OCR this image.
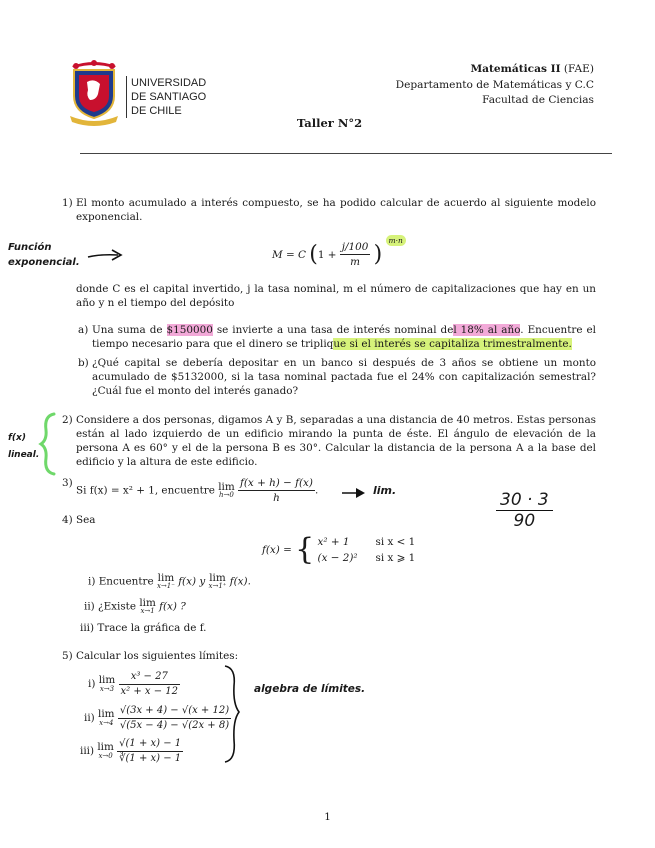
UNIVERSIDAD
DE SANTIAGO
DE CHILE
Matemáticas II (FAE)
Departamento de Matemáticas y C.C
Facultad de Ciencias
Taller N°2
1) El monto acumulado a interés compuesto, se ha podido calcular de acuerdo al siguiente modelo exponencial.
M = C ($1 + \frac{j/100}{m}$ ) $^{m\cdot n}$
donde C es el capital invertido, j la tasa nominal, m el número de capitalizaciones que hay en un año y n el tiempo del depósito
a) Una suma de $150000 se invierte a una tasa de interés nominal del 18% al año. Encuentre el tiempo necesario para que el dinero se triplique si el interés se capitaliza trimestralmente.
b) ¿Qué capital se debería depositar en un banco si después de 3 años se obtiene un monto acumulado de $5132000, si la tasa nominal pactada fue el 24% con capitalización semestral?¿Cuál fue el monto del interés ganado?
2) Considere a dos personas, digamos A y B, separadas a una distancia de 40 metros. Estas personas están al lado izquierdo de un edificio mirando la punta de éste. El ángulo de elevación de la persona A es 60° y el de la persona B es 30°. Calcular la distancia de la persona A a la base del edificio y la altura de este edificio.
3)
Si f(x) = x² + 1, encuentre lim
h→0
$\frac{f(x + h) - f(x)}{h}$ .
4) Sea
f(x) = { x² + 1	si x < 1
(x − 2)² si x ⩾ 1
i) Encuentre lim
x→1⁻ f(x) y lim
x→1⁺ f(x).
ii) ¿Existe lim
x→1 f(x) ?
iii) Trace la gráfica de f.
5) Calcular los siguientes límites:
i) lim
x→3
$\frac{\text{x³ − 27}}{\text{x² + x − 12}}$
ii) lim
x→4
$\frac{√(3x + 4) - √(x + 12)}{√(5x - 4) - √(2x + 8)}$
iii) lim
x→0
$\frac{√(1 + x) - 1}{∛(1 + x) - 1}$
1
Función
exponencial.
f(x)
lineal.
lim.	30 · 3
90
algebra de límites.
